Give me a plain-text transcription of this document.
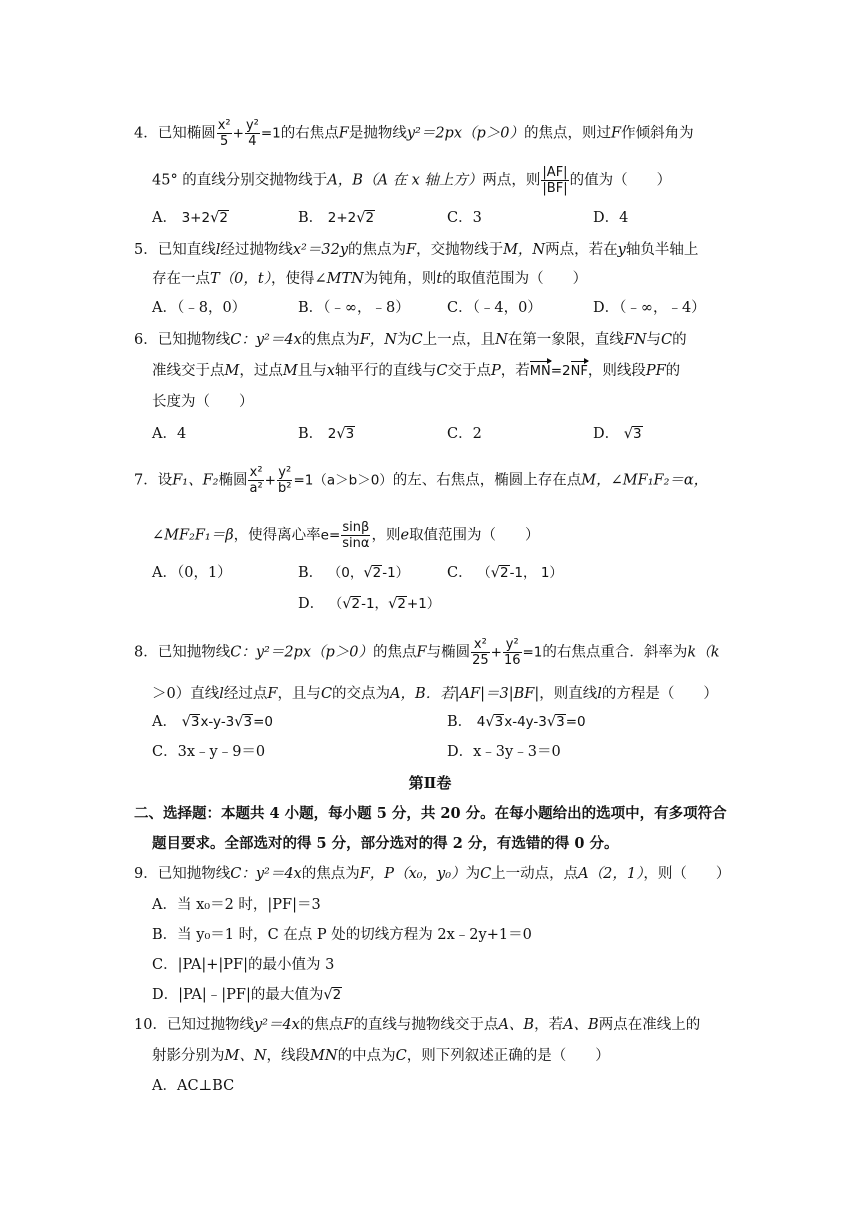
4．已知椭圆 $\frac{\text{x²}}{5} + \frac{\text{y²}}{4} =1$的右焦点F是抛物线y²＝2px（p＞0）的焦点，则过F作倾斜角为
45° 的直线分别交抛物线于A，B（A 在 x 轴上方）两点，则 $\frac{|AF|}{|BF|}$ 的值为（　　）
A． 3+2√2	B． 2+2√2	C．3	D．4
5．已知直线l经过抛物线x²＝32y的焦点为F，交抛物线于M，N两点，若在y轴负半轴上
存在一点T（0，t），使得∠MTN为钝角，则t的取值范围为（　　）
A．（﹣8，0）	B．（﹣∞，﹣8）	C．（﹣4，0）	D．（﹣∞，﹣4）
6．已知抛物线C：y²＝4x的焦点为F，N为C上一点，且N在第一象限，直线FN与C的
准线交于点M，过点M且与x轴平行的直线与C交于点P，若MN=2NF，则线段PF的
长度为（　　）
A．4	B． 2√3	C．2	D． √3
7．设F₁、F₂椭圆 $\frac{\text{x²}}{\text{a²}} + \frac{\text{y²}}{\text{b²}} =1(a>b>0)$的左、右焦点，椭圆上存在点M，∠MF₁F₂＝α，
∠MF₂F₁＝β，使得离心率$e= \frac{\sin\beta}{\sin\alpha}$ ，则e取值范围为（　　）
A．（0，1）	B． （0，√2-1）	C． （√2-1， 1）
D． （√2-1，√2+1）
8．已知抛物线C：y²＝2px（p＞0）的焦点F与椭圆 $\frac{\text{x²}}{25} + \frac{\text{y²}}{16} =1$的右焦点重合．斜率为k（k
＞0）直线l经过点F，且与C的交点为A，B．若|AF|＝3|BF|，则直线l的方程是（　　）
A． √3x-y-3√3=0	B． 4√3x-4y-3√3=0
C．3x﹣y﹣9＝0	D．x﹣3y﹣3＝0
第Ⅱ卷
二、选择题：本题共 4 小题，每小题 5 分，共 20 分。在每小题给出的选项中，有多项符合
题目要求。全部选对的得 5 分，部分选对的得 2 分，有选错的得 0 分。
9．已知抛物线C：y²＝4x的焦点为F，P（x₀，y₀）为C上一动点，点A（2，1），则（　　）
A．当 x₀＝2 时，|PF|＝3
B．当 y₀＝1 时，C 在点 P 处的切线方程为 2x﹣2y+1＝0
C．|PA|+|PF|的最小值为 3
D．|PA|﹣|PF|的最大值为√2
10．已知过抛物线y²＝4x的焦点F的直线与抛物线交于点A、B，若A、B两点在准线上的
射影分别为M、N，线段MN的中点为C，则下列叙述正确的是（　　）
A．AC⊥BC
